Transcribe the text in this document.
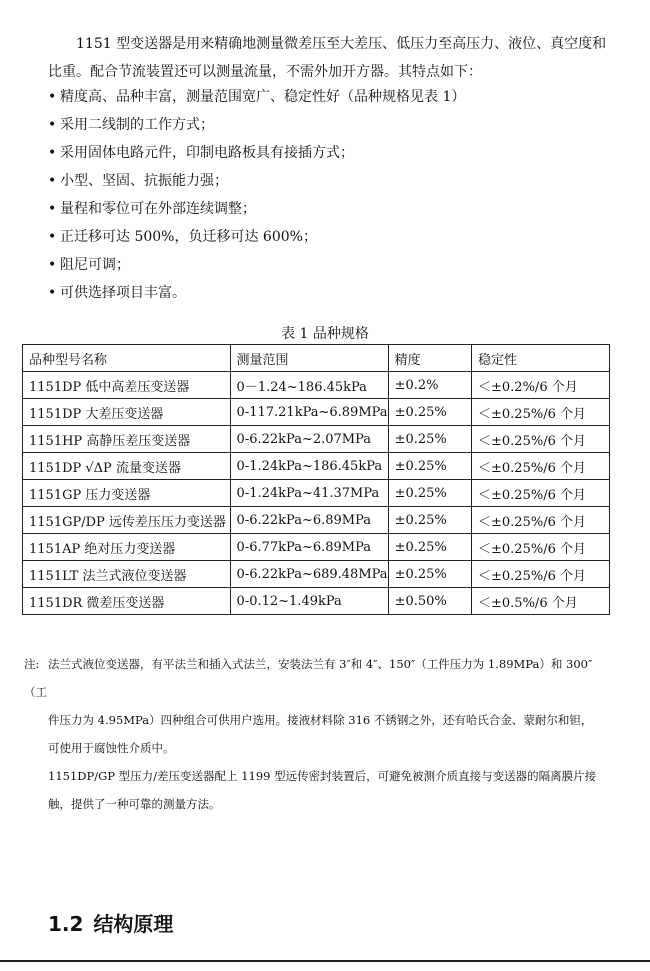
1151 型变送器是用来精确地测量微差压至大差压、低压力至高压力、液位、真空度和比重。配合节流装置还可以测量流量，不需外加开方器。其特点如下：

• 精度高、品种丰富，测量范围宽广、稳定性好（品种规格见表 1）
• 采用二线制的工作方式；
• 采用固体电路元件，印制电路板具有接插方式；
• 小型、坚固、抗振能力强；
• 量程和零位可在外部连续调整；
• 正迁移可达 500%，负迁移可达 600%；
• 阻尼可调；
• 可供选择项目丰富。
表 1 品种规格
品种型号名称	测量范围	精度	稳定性
1151DP 低中高差压变送器	0－1.24~186.45kPa	±0.2%	＜±0.2%/6 个月
1151DP 大差压变送器	0-117.21kPa~6.89MPa	±0.25%	＜±0.25%/6 个月
1151HP 高静压差压变送器	0-6.22kPa~2.07MPa	±0.25%	＜±0.25%/6 个月
1151DP √ΔP 流量变送器	0-1.24kPa~186.45kPa	±0.25%	＜±0.25%/6 个月
1151GP 压力变送器	0-1.24kPa~41.37MPa	±0.25%	＜±0.25%/6 个月
1151GP/DP 远传差压压力变送器	0-6.22kPa~6.89MPa	±0.25%	＜±0.25%/6 个月
1151AP 绝对压力变送器	0-6.77kPa~6.89MPa	±0.25%	＜±0.25%/6 个月
1151LT 法兰式液位变送器	0-6.22kPa~689.48MPa	±0.25%	＜±0.25%/6 个月
1151DR 微差压变送器	0-0.12~1.49kPa	±0.50%	＜±0.5%/6 个月

注: 法兰式液位变送器，有平法兰和插入式法兰，安装法兰有 3″和 4″、150″（工件压力为 1.89MPa）和 300″（工

件压力为 4.95MPa）四种组合可供用户选用。接液材料除 316 不锈钢之外，还有哈氏合金、蒙耐尔和钽，

可使用于腐蚀性介质中。

1151DP/GP 型压力/差压变送器配上 1199 型远传密封装置后，可避免被测介质直接与变送器的隔离膜片接

触，提供了一种可靠的测量方法。

1.2 结构原理
